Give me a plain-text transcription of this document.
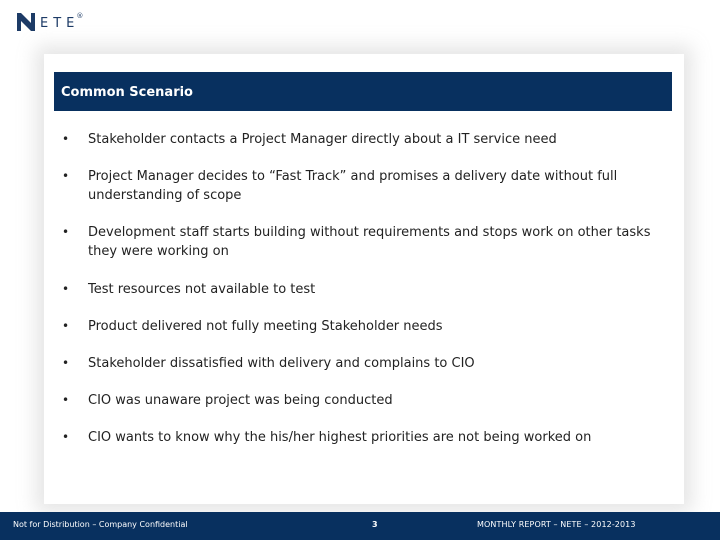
ETE
®
Common Scenario
•	Stakeholder contacts a Project Manager directly about a IT service need
•	Project Manager decides to “Fast Track” and promises a delivery date without full understanding of scope
•	Development staff starts building without requirements and stops work on other tasks they were working on
•	Test resources not available to test
•	Product delivered not fully meeting Stakeholder needs
•	Stakeholder dissatisfied with delivery and complains to CIO
•	CIO was unaware project was being conducted
•	CIO wants to know why the his/her highest priorities are not being worked on
Not for Distribution – Company Confidential	3	MONTHLY REPORT – NETE – 2012-2013
